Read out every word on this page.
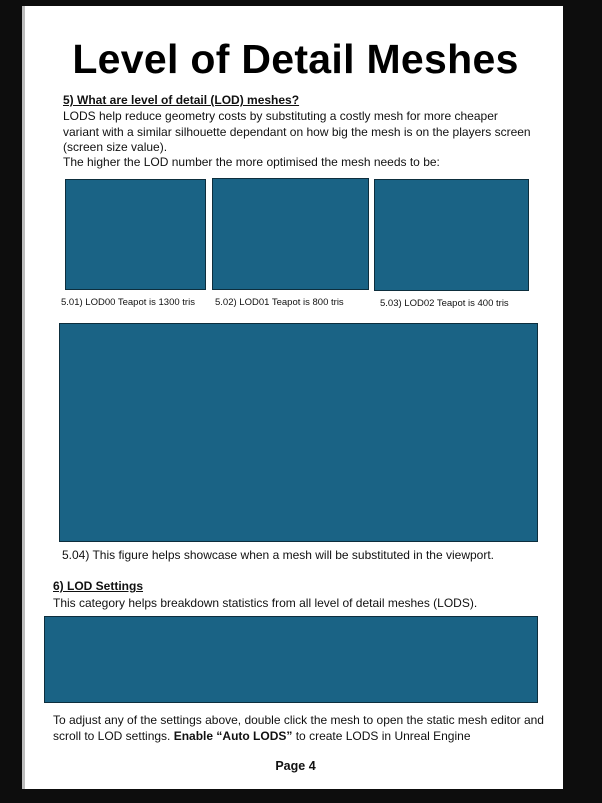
Level of Detail Meshes
5) What are level of detail (LOD) meshes?
LODS help reduce geometry costs by substituting a costly mesh for more cheaper variant with a similar silhouette dependant on how big the mesh is on the players screen (screen size value).
The higher the LOD number the more optimised the mesh needs to be:
5.01) LOD00 Teapot is 1300 tris 5.02) LOD01 Teapot is 800 tris	5.03) LOD02 Teapot is 400 tris
5.04) This figure helps showcase when a mesh will be substituted in the viewport.
6) LOD Settings
This category helps breakdown statistics from all level of detail meshes (LODS).
To adjust any of the settings above, double click the mesh to open the static mesh editor and scroll to LOD settings. Enable “Auto LODS” to create LODS in Unreal Engine
Page 4
